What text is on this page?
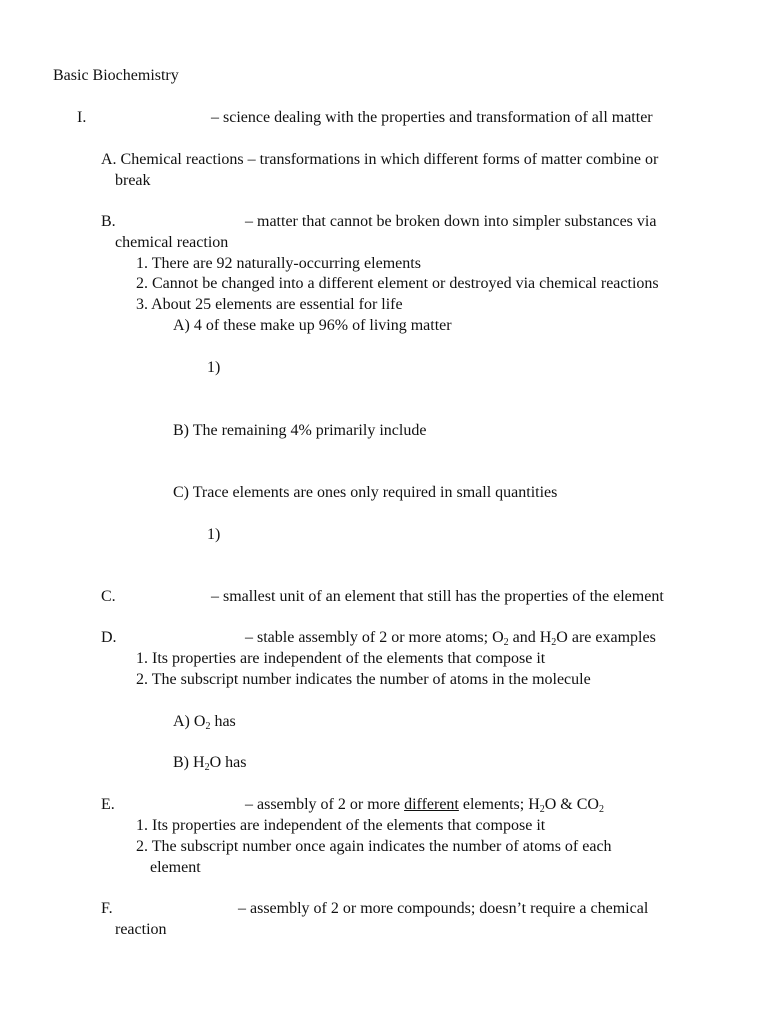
Basic Biochemistry
I.	– science dealing with the properties and transformation of all matter
A. Chemical reactions – transformations in which different forms of matter combine or
break
B.	– matter that cannot be broken down into simpler substances via
chemical reaction
1. There are 92 naturally-occurring elements
2. Cannot be changed into a different element or destroyed via chemical reactions
3. About 25 elements are essential for life
A) 4 of these make up 96% of living matter
1)
B) The remaining 4% primarily include
C) Trace elements are ones only required in small quantities
1)
C.	– smallest unit of an element that still has the properties of the element
D.	– stable assembly of 2 or more atoms; $O_2$ and $H_2O$ are examples
1. Its properties are independent of the elements that compose it
2. The subscript number indicates the number of atoms in the molecule
A) $O_2$ has
B) $H_2O$ has
E.	– assembly of 2 or more different elements; $H_2O$ & $CO_2$
1. Its properties are independent of the elements that compose it
2. The subscript number once again indicates the number of atoms of each
element
F.	– assembly of 2 or more compounds; doesn’t require a chemical
reaction
